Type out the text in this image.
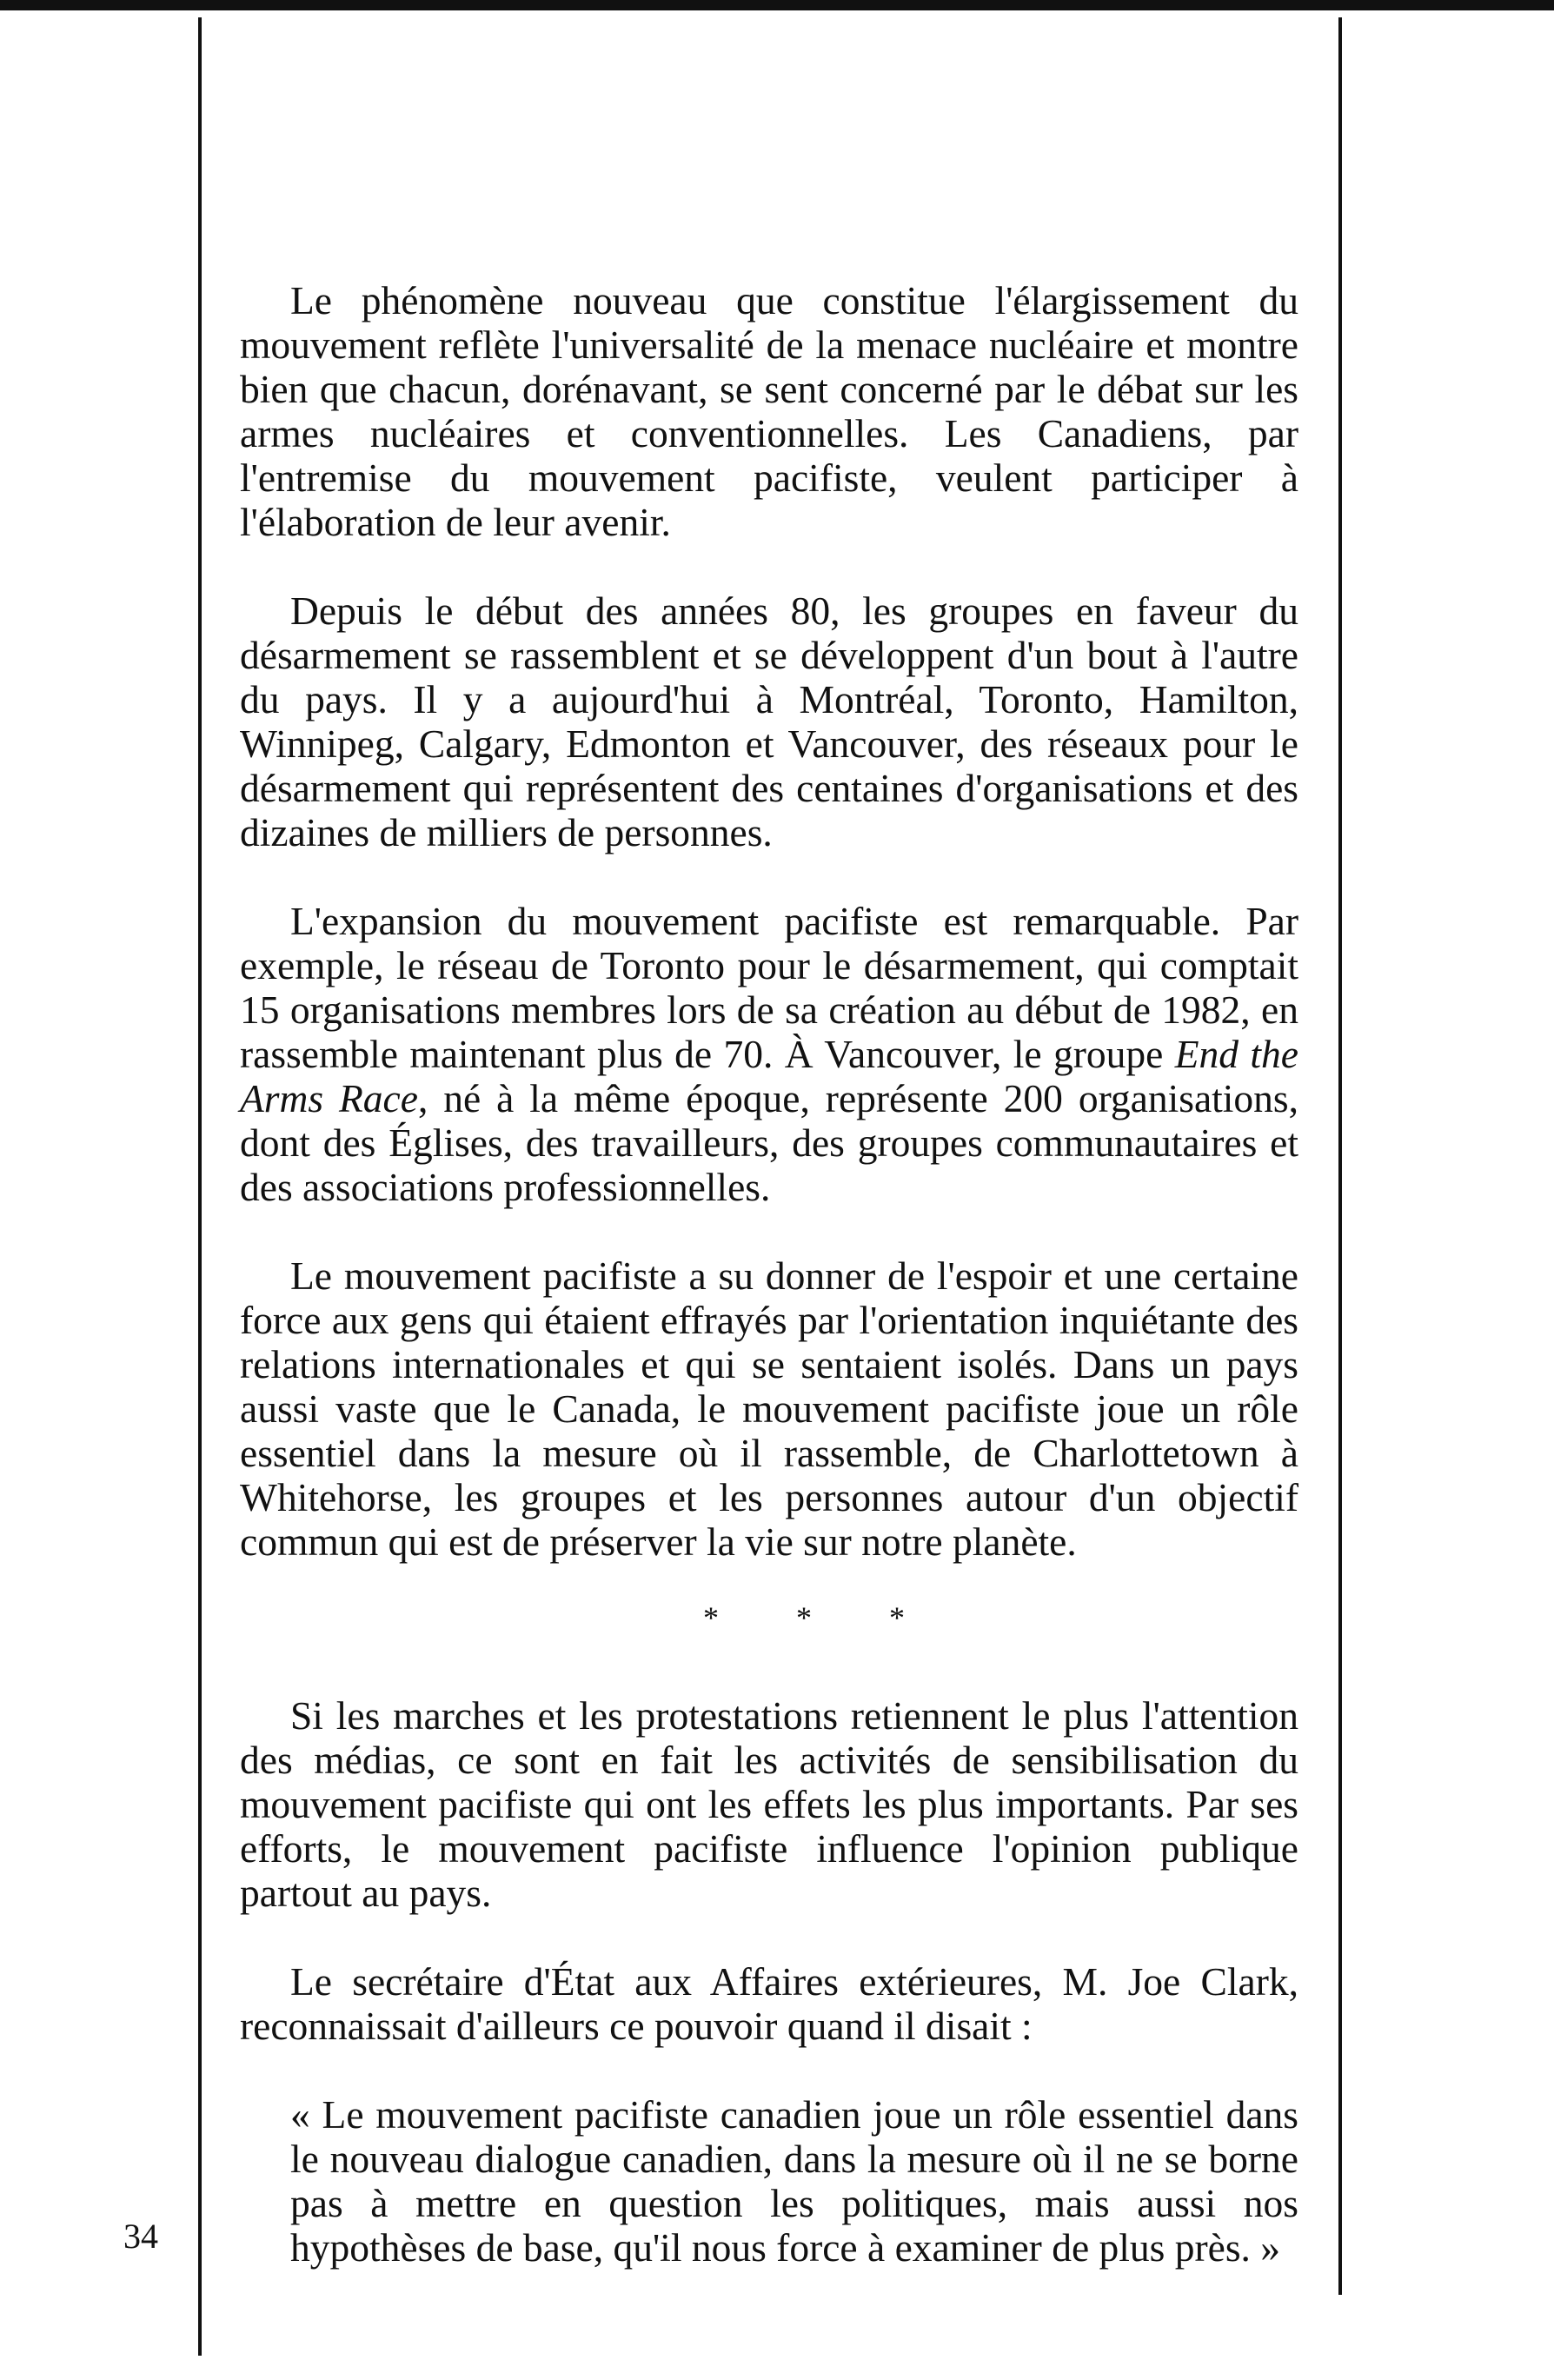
Le phénomène nouveau que constitue l'élargissement du mouvement reflète l'universalité de la menace nucléaire et montre bien que chacun, dorénavant, se sent concerné par le débat sur les armes nucléaires et conventionnelles. Les Canadiens, par l'entremise du mouvement pacifiste, veulent participer à l'élaboration de leur avenir.

Depuis le début des années 80, les groupes en faveur du désarmement se rassemblent et se développent d'un bout à l'autre du pays. Il y a aujourd'hui à Montréal, Toronto, Hamilton, Winnipeg, Calgary, Edmonton et Vancouver, des réseaux pour le désarmement qui représentent des centaines d'organisations et des dizaines de milliers de personnes.

L'expansion du mouvement pacifiste est remarquable. Par exemple, le réseau de Toronto pour le désarmement, qui comptait 15 organisations membres lors de sa création au début de 1982, en rassemble maintenant plus de 70. À Vancouver, le groupe End the Arms Race, né à la même époque, représente 200 organisations, dont des Églises, des travailleurs, des groupes communautaires et des associations professionnelles.

Le mouvement pacifiste a su donner de l'espoir et une certaine force aux gens qui étaient effrayés par l'orientation inquiétante des relations internationales et qui se sentaient isolés. Dans un pays aussi vaste que le Canada, le mouvement pacifiste joue un rôle essentiel dans la mesure où il rassemble, de Charlottetown à Whitehorse, les groupes et les personnes autour d'un objectif commun qui est de préserver la vie sur notre planète.

* * *

Si les marches et les protestations retiennent le plus l'attention des médias, ce sont en fait les activités de sensibilisation du mouvement pacifiste qui ont les effets les plus importants. Par ses efforts, le mouvement pacifiste influence l'opinion publique partout au pays.

Le secrétaire d'État aux Affaires extérieures, M. Joe Clark, reconnaissait d'ailleurs ce pouvoir quand il disait :

« Le mouvement pacifiste canadien joue un rôle essentiel dans le nouveau dialogue canadien, dans la mesure où il ne se borne pas à mettre en question les politiques, mais aussi nos hypothèses de base, qu'il nous force à examiner de plus près. »

34
